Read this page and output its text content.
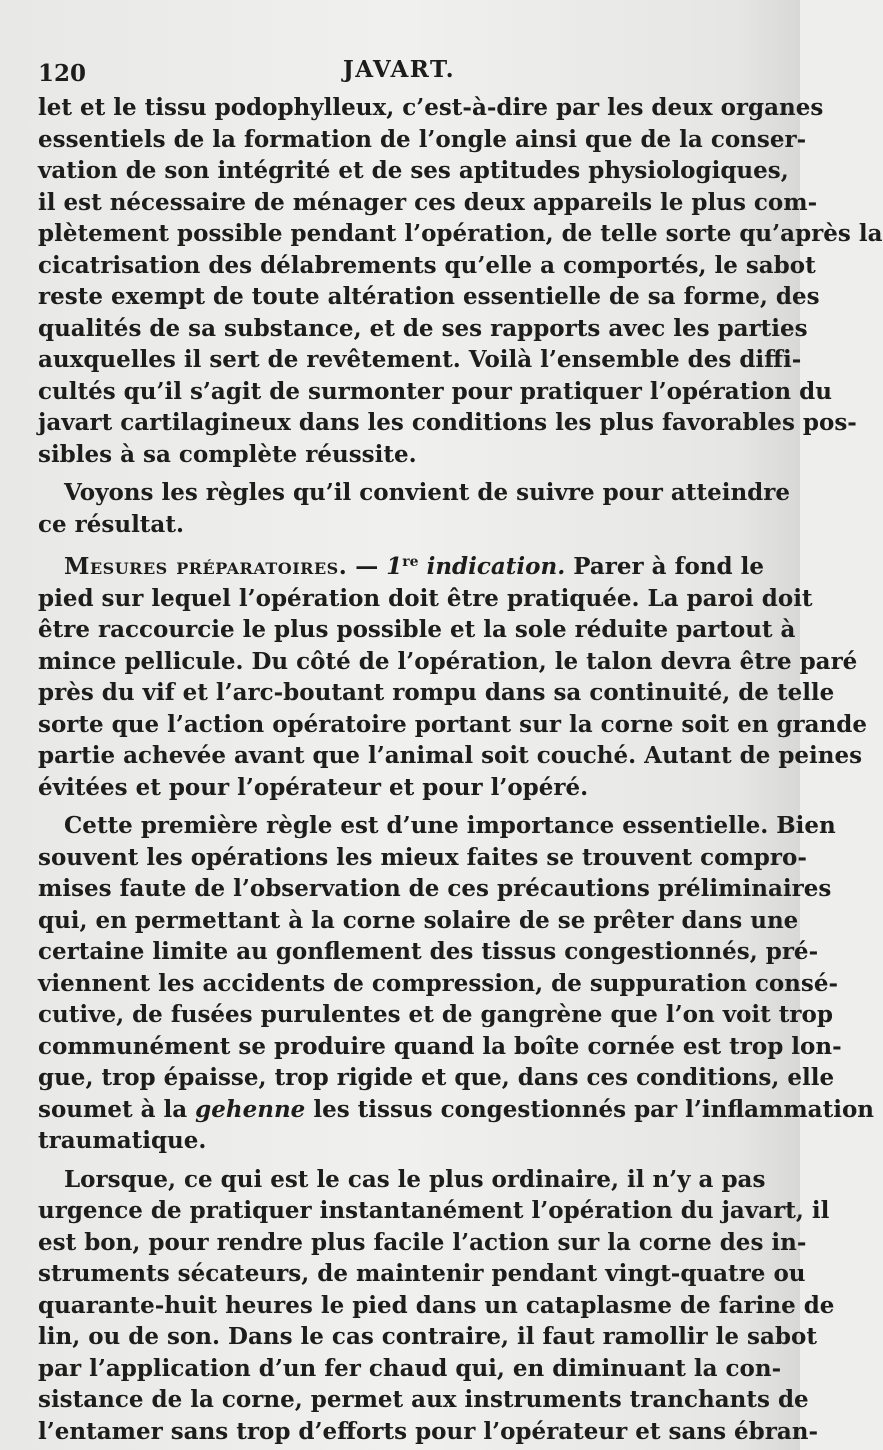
120	JAVART.
let et le tissu podophylleux, c’est-à-dire par les deux organes
essentiels de la formation de l’ongle ainsi que de la conser-
vation de son intégrité et de ses aptitudes physiologiques,
il est nécessaire de ménager ces deux appareils le plus com-
plètement possible pendant l’opération, de telle sorte qu’après la
cicatrisation des délabrements qu’elle a comportés, le sabot
reste exempt de toute altération essentielle de sa forme, des
qualités de sa substance, et de ses rapports avec les parties
auxquelles il sert de revêtement. Voilà l’ensemble des diffi-
cultés qu’il s’agit de surmonter pour pratiquer l’opération du
javart cartilagineux dans les conditions les plus favorables pos-
sibles à sa complète réussite.
Voyons les règles qu’il convient de suivre pour atteindre
ce résultat.
Mesures préparatoires. — 1re indication. Parer à fond le
pied sur lequel l’opération doit être pratiquée. La paroi doit
être raccourcie le plus possible et la sole réduite partout à
mince pellicule. Du côté de l’opération, le talon devra être paré
près du vif et l’arc-boutant rompu dans sa continuité, de telle
sorte que l’action opératoire portant sur la corne soit en grande
partie achevée avant que l’animal soit couché. Autant de peines
évitées et pour l’opérateur et pour l’opéré.
Cette première règle est d’une importance essentielle. Bien
souvent les opérations les mieux faites se trouvent compro-
mises faute de l’observation de ces précautions préliminaires
qui, en permettant à la corne solaire de se prêter dans une
certaine limite au gonflement des tissus congestionnés, pré-
viennent les accidents de compression, de suppuration consé-
cutive, de fusées purulentes et de gangrène que l’on voit trop
communément se produire quand la boîte cornée est trop lon-
gue, trop épaisse, trop rigide et que, dans ces conditions, elle
soumet à la gehenne les tissus congestionnés par l’inflammation
traumatique.
Lorsque, ce qui est le cas le plus ordinaire, il n’y a pas
urgence de pratiquer instantanément l’opération du javart, il
est bon, pour rendre plus facile l’action sur la corne des in-
struments sécateurs, de maintenir pendant vingt-quatre ou
quarante-huit heures le pied dans un cataplasme de farine de
lin, ou de son. Dans le cas contraire, il faut ramollir le sabot
par l’application d’un fer chaud qui, en diminuant la con-
sistance de la corne, permet aux instruments tranchants de
l’entamer sans trop d’efforts pour l’opérateur et sans ébran-
